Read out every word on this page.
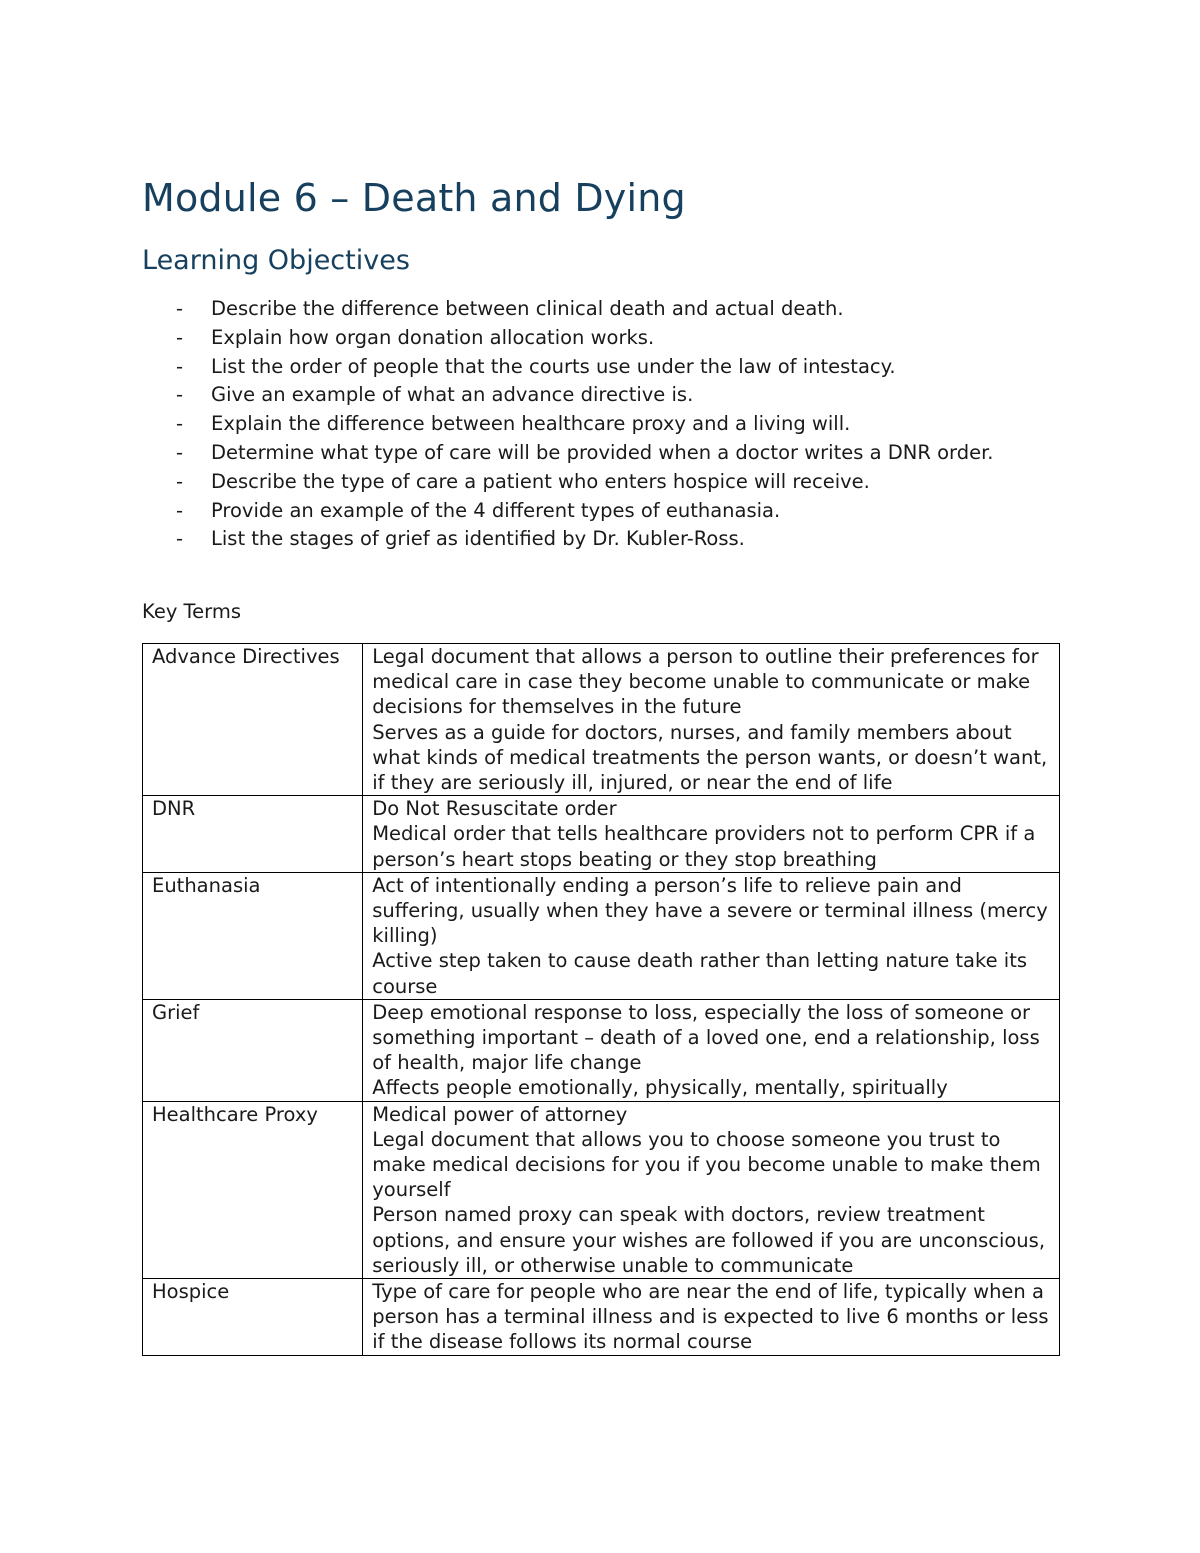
Module 6 – Death and Dying
Learning Objectives
- Describe the difference between clinical death and actual death.
- Explain how organ donation allocation works.
- List the order of people that the courts use under the law of intestacy.
- Give an example of what an advance directive is.
- Explain the difference between healthcare proxy and a living will.
- Determine what type of care will be provided when a doctor writes a DNR order.
- Describe the type of care a patient who enters hospice will receive.
- Provide an example of the 4 different types of euthanasia.
- List the stages of grief as identified by Dr. Kubler-Ross.
Key Terms
Advance Directives	Legal document that allows a person to outline their preferences for medical care in case they become unable to communicate or make decisions for themselves in the future
Serves as a guide for doctors, nurses, and family members about what kinds of medical treatments the person wants, or doesn’t want, if they are seriously ill, injured, or near the end of life

DNR	Do Not Resuscitate order
Medical order that tells healthcare providers not to perform CPR if a person’s heart stops beating or they stop breathing

Euthanasia	Act of intentionally ending a person’s life to relieve pain and suffering, usually when they have a severe or terminal illness (mercy killing)
Active step taken to cause death rather than letting nature take its course

Grief	Deep emotional response to loss, especially the loss of someone or something important – death of a loved one, end a relationship, loss of health, major life change
Affects people emotionally, physically, mentally, spiritually

Healthcare Proxy	Medical power of attorney
Legal document that allows you to choose someone you trust to make medical decisions for you if you become unable to make them yourself
Person named proxy can speak with doctors, review treatment options, and ensure your wishes are followed if you are unconscious, seriously ill, or otherwise unable to communicate

Hospice	Type of care for people who are near the end of life, typically when a person has a terminal illness and is expected to live 6 months or less if the disease follows its normal course
